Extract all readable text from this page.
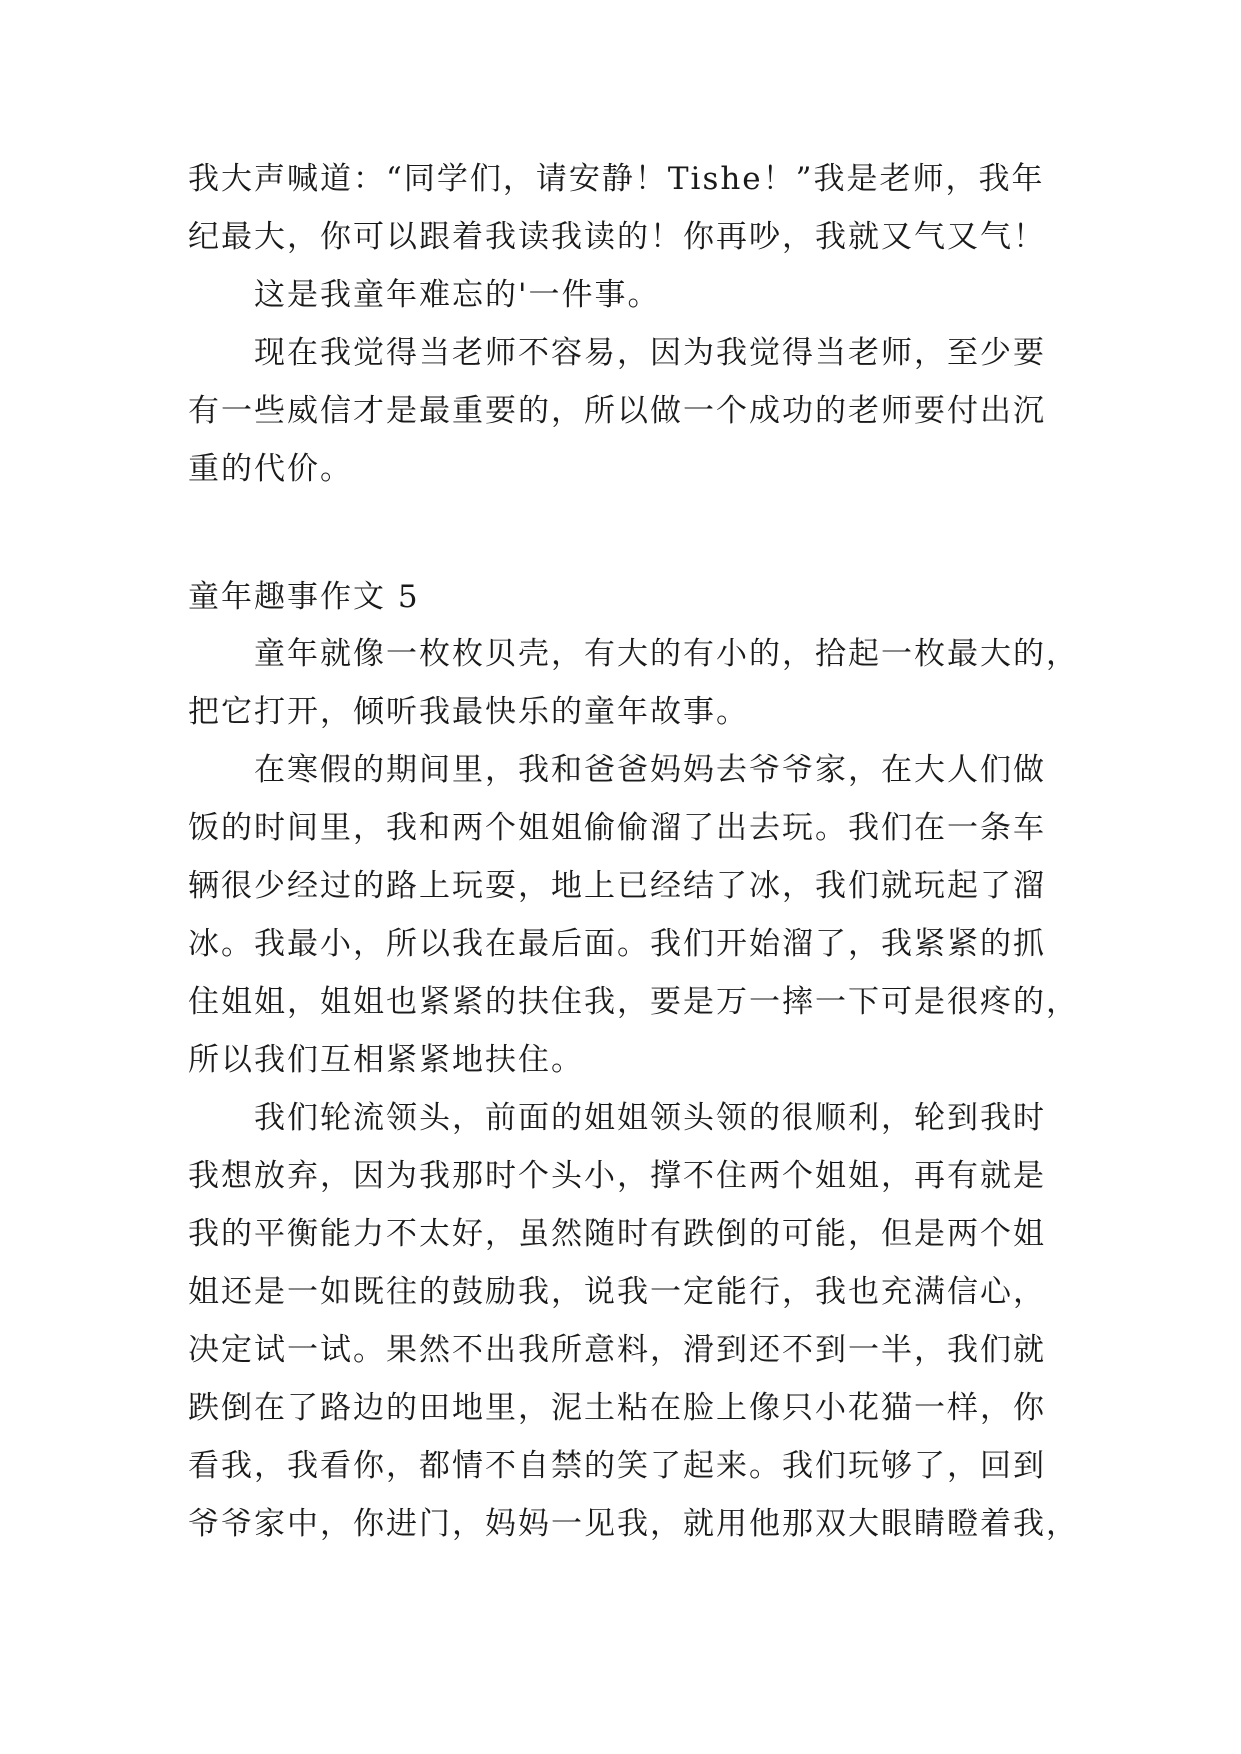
我大声喊道：“同学们，请安静！Tishe！”我是老师，我年
纪最大，你可以跟着我读我读的！你再吵，我就又气又气！
这是我童年难忘的'一件事。
现在我觉得当老师不容易，因为我觉得当老师，至少要
有一些威信才是最重要的，所以做一个成功的老师要付出沉
重的代价。
童年趣事作文 5
童年就像一枚枚贝壳，有大的有小的，拾起一枚最大的，
把它打开，倾听我最快乐的童年故事。
在寒假的期间里，我和爸爸妈妈去爷爷家，在大人们做
饭的时间里，我和两个姐姐偷偷溜了出去玩。我们在一条车
辆很少经过的路上玩耍，地上已经结了冰，我们就玩起了溜
冰。我最小，所以我在最后面。我们开始溜了，我紧紧的抓
住姐姐，姐姐也紧紧的扶住我，要是万一摔一下可是很疼的，
所以我们互相紧紧地扶住。
我们轮流领头，前面的姐姐领头领的很顺利，轮到我时
我想放弃，因为我那时个头小，撑不住两个姐姐，再有就是
我的平衡能力不太好，虽然随时有跌倒的可能，但是两个姐
姐还是一如既往的鼓励我，说我一定能行，我也充满信心，
决定试一试。果然不出我所意料，滑到还不到一半，我们就
跌倒在了路边的田地里，泥土粘在脸上像只小花猫一样，你
看我，我看你，都情不自禁的笑了起来。我们玩够了，回到
爷爷家中，你进门，妈妈一见我，就用他那双大眼睛瞪着我，
